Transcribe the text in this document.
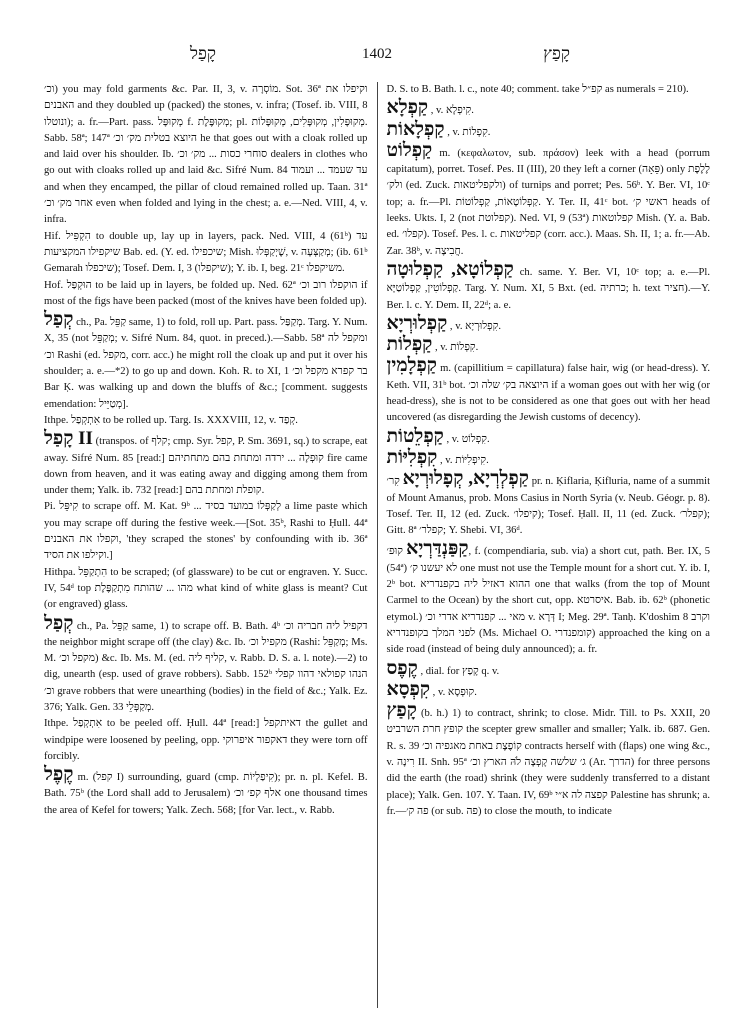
קָפַל	1402	קָפַץ

וכ׳) you may fold garments &c. Par. II, 3, v. מוֹסְרָה. Sot. 36ª וקיפלו את האבנים and they doubled up (packed) the stones, v. infra; (Tosef. ib. VIII, 8 ונוטלו); a. fr.—Part. pass. מְקוּפָּל f. מְקוּפֶּלֶת; pl. מְקוּפָּלִין, מְקוּפָּלִים, מְקוּפָּלוֹת. Sabb. 58ª; 147ª היוצא בטלית מק׳ וכ׳ he that goes out with a cloak rolled up and laid over his shoulder. Ib. סוחרי כסות ... מק׳ וכ׳ dealers in clothes who go out with cloaks rolled up and laid &c. Sifré Num. 84 עד שעמד ... ועמוד and when they encamped, the pillar of cloud remained rolled up. Taan. 31ª אחר מק׳ וכ׳ even when folded and lying in the chest; a. e.—Ned. VIII, 4, v. infra.

Hif. הִקְפִּיל to double up, lay up in layers, pack. Ned. VIII, 4 (61ᵇ) עד שיקפילו המקציעות Bab. ed. (Y. ed. שיכפילו; Mish. שֶׁיְקַפְּלוּ, v. מְקַצְּעָה; (ib. 61ᵇ Gemarah שיכפלו); Tosef. Dem. I, 3 (שיקפלו); Y. ib. I, beg. 21ᶜ משיקפלו.

Hof. הוּקְפַּל to be laid up in layers, be folded up. Ned. 62ª הוקפלו רוב וכ׳ if most of the figs have been packed (most of the knives have been folded up).

קְפַל ch., Pa. קַפֵּל same, 1) to fold, roll up. Part. pass. מְקַפַּל. Targ. Y. Num. X, 35 (not מְקַפֵּל; v. Sifré Num. 84, quot. in preced.).—Sabb. 58ª ומקפל לה וכ׳ Rashi (ed. מקפל, corr. acc.) he might roll the cloak up and put it over his shoulder; a. e.—*2) to go up and down. Koh. R. to XI, 1 בר קפרא מקפל וכ׳ Bar Ḳ. was walking up and down the bluffs of &c.; [comment. suggests emendation: מְטַיֵּיל].

Ithpe. אִתְקְפַל to be rolled up. Targ. Is. XXXVIII, 12, v. קְפַד.

קָפַל II (transpos. of קלף; cmp. Syr. קפל, P. Sm. 3691, sq.) to scrape, eat away. Sifré Num. 85 [read:] קוּפְלָה ... ירדה ומתחת בהם מתחתיהם fire came down from heaven, and it was eating away and digging among them from under them; Yalk. ib. 732 [read:] קופלת ומחתת בהם.

Pi. קִיפֵּל to scrape off. M. Kat. 9ᵇ ... לְקַפְּלוֹ במועד בסיד a lime paste which you may scrape off during the festive week.—[Sot. 35ᵇ, Rashi to Ḥull. 44ª וקפלו את האבנים, 'they scraped the stones' by confounding with ib. 36ª וקילפו את הסיד.]

Hithpa. הִתְקַפֵּל to be scraped; (of glassware) to be cut or engraven. Y. Succ. IV, 54ᵈ top מהו ... שהותח מִתְקַפֶּלֶת what kind of white glass is meant? Cut (or engraved) glass.

קְפַל ch., Pa. קַפֵּל same, 1) to scrape off. B. Bath. 4ᵇ דקפיל ליה חבריה וכ׳ the neighbor might scrape off (the clay) &c. Ib. מקפיל וכ׳ (Rashi: מְקַפֵּל; Ms. M. מקפל וכ׳) &c. Ib. Ms. M. (ed. קליף ליה, v. Rabb. D. S. a. l. note).—2) to dig, unearth (esp. used of grave robbers). Sabb. 152ᵇ הנהו קפולאי דהוו קפלי וכ׳ grave robbers that were unearthing (bodies) in the field of &c.; Yalk. Ez. 376; Yalk. Gen. 33 מְקַפְּלֵי.

Ithpe. אִתְקְפַל to be peeled off. Ḥull. 44ª [read:] דאיתקפל the gullet and windpipe were loosened by peeling, opp. דאקפור איפרוקי they were torn off forcibly.

קֶפֶל m. (קפל I) surrounding, guard (cmp. קִיפַלְיוֹת); pr. n. pl. Kefel. B. Bath. 75ᵇ (the Lord shall add to Jerusalem) אלף קפ׳ וכ׳ one thousand times the area of Kefel for towers; Yalk. Zech. 568; [for Var. lect., v. Rabb.

D. S. to B. Bath. l. c., note 40; comment. take קפ״ל as numerals = 210).

קַפְלָא , v. קִיפְלָא.

קַפְלָאוֹת , v. קִפְלוֹת.

קַפְלוֹט m. (κεφαλωτον, sub. πράσον) leek with a head (porrum capitatum), porret. Tosef. Pes. II (III), 20 they left a corner (פֵּאָה) only לֶלֶפֶת ולק׳ (ed. Zuck. ולקפליטאות) of turnips and porret; Pes. 56ᵇ. Y. Ber. VI, 10ᶜ top; a. fr.—Pl. קַפְלוֹטָאוֹת, קַפְלוֹטוֹת. Y. Ter. II, 41ᶜ bot. ראשי ק׳ heads of leeks. Ukts. I, 2 (not קפלוטת). Ned. VI, 9 (53ª) קפלוטאות Mish. (Y. a. Bab. ed. קפלו׳). Tosef. Pes. l. c. קפליטאות (corr. acc.). Maas. Sh. II, 1; a. fr.—Ab. Zar. 38ᵇ, v. חֲבִיצָה.

קַפְלוֹטָא, קַפְלוּטָה ch. same. Y. Ber. VI, 10ᶜ top; a. e.—Pl. קַפְלוֹטִין, קַפְלוֹטַיָּא. Targ. Y. Num. XI, 5 Bxt. (ed. כרתיה; h. text חציר).—Y. Ber. l. c. Y. Dem. II, 22ᵈ; a. e.

קַפְלוּרְיָא , v. קִפְלוּרְיָא.

קַפְלוֹת , v. קִפְלוֹת.

קַפְלָמִין m. (capillitium = capillatura) false hair, wig (or head-dress). Y. Keth. VII, 31ᵇ bot. היוצאה בק׳ שלה וכ׳ if a woman goes out with her wig (or head-dress), she is not to be considered as one that goes out with her head uncovered (as disregarding the Jewish customs of decency).

קַפְלֵטוֹת , v. קִפְלוֹט.

קִפְלִיּוֹת , v. קִיפְלִיּוֹת.

קַפְלְרְיָא, קְפָלוּרְיָא קִר׳ pr. n. Ḳiflaria, Ḳifluria, name of a summit of Mount Amanus, prob. Mons Casius in North Syria (v. Neub. Géogr. p. 8). Tosef. Ter. II, 12 (ed. Zuck. קיפלו׳); Tosef. Ḥall. II, 11 (ed. Zuck. קפלר׳); Gitt. 8ª קפלר׳; Y. Shebi. VI, 36ᵈ.

קַפַּנְדַּרְיָא קוּפ׳, f. (compendiaria, sub. via) a short cut, path. Ber. IX, 5 (54ª) לא יעשנו ק׳ one must not use the Temple mount for a short cut. Y. ib. I, 2ᵇ bot. ההוא דאזיל ליה בקפנדריא one that walks (from the top of Mount Carmel to the Ocean) by the short cut, opp. איסרטא. Bab. ib. 62ᵇ (phonetic etymol.) מאי ... קפנדריא אדרי וכ׳ v. דְּרָא I; Meg. 29ª. Tanḥ. K'doshim 8 וקרב לפני המלך בקופנדריא (Ms. Michael O. קומפנדרי) approached the king on a side road (instead of being duly announced); a. fr.

קֶפֶס , dial. for קָפַץ q. v.

קִפְסָא , v. קוּפְסָא.

קָפַץ (b. h.) 1) to contract, shrink; to close. Midr. Till. to Ps. XXII, 20 קופץ חרת השרביט the scepter grew smaller and smaller; Yalk. ib. 687. Gen. R. s. 39 קוֹפֶצֶת באחת מאגפיה וכ׳ contracts herself with (flaps) one wing &c., v. רִינָה II. Snh. 95ª ג׳ שלשה קָפְצָה לֹהּ הארץ וכ׳ (Ar. הדרך) for three persons did the earth (the road) shrink (they were suddenly transferred to a distant place); Yalk. Gen. 107. Y. Taan. IV, 69ᵇ קפצה לה א״י Palestine has shrunk; a. fr.—פה ק׳ (or sub. פה) to close the mouth, to indicate
